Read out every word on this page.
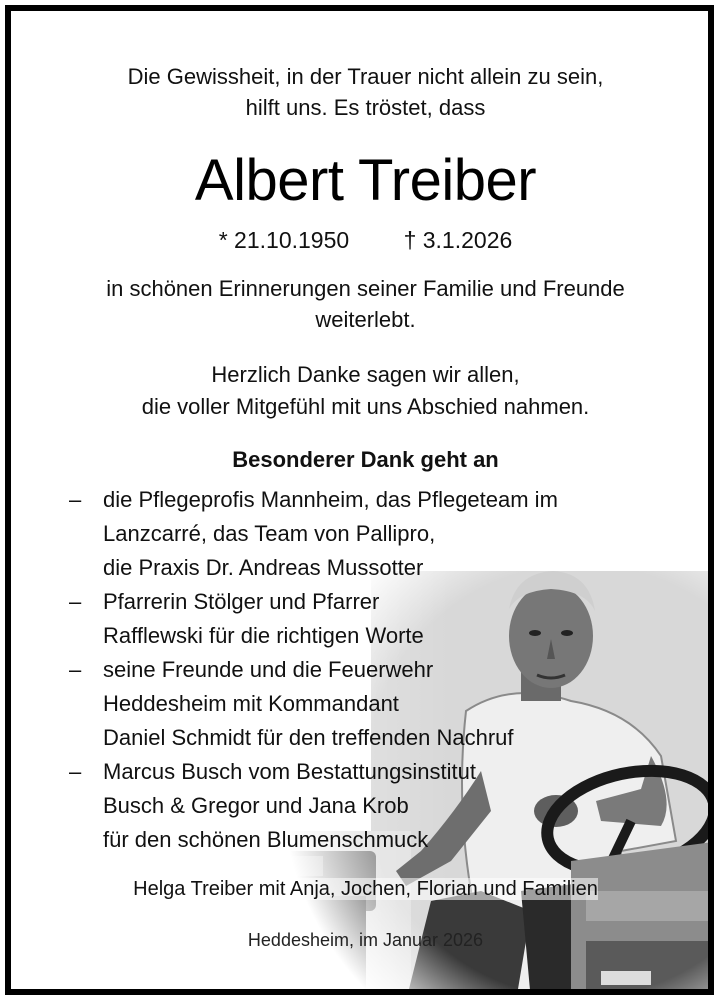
Die Gewissheit, in der Trauer nicht allein zu sein,
hilft uns. Es tröstet, dass
Albert Treiber
* 21.10.1950 † 3.1.2026
in schönen Erinnerungen seiner Familie und Freunde
weiterlebt.
Herzlich Danke sagen wir allen,
die voller Mitgefühl mit uns Abschied nahmen.
Besonderer Dank geht an
– die Pflegeprofis Mannheim, das Pflegeteam im
Lanzcarré, das Team von Pallipro,
die Praxis Dr. Andreas Mussotter
– Pfarrerin Stölger und Pfarrer
Rafflewski für die richtigen Worte
– seine Freunde und die Feuerwehr
Heddesheim mit Kommandant
Daniel Schmidt für den treffenden Nachruf
– Marcus Busch vom Bestattungsinstitut
Busch & Gregor und Jana Krob
für den schönen Blumenschmuck
Helga Treiber mit Anja, Jochen, Florian und Familien
Heddesheim, im Januar 2026
